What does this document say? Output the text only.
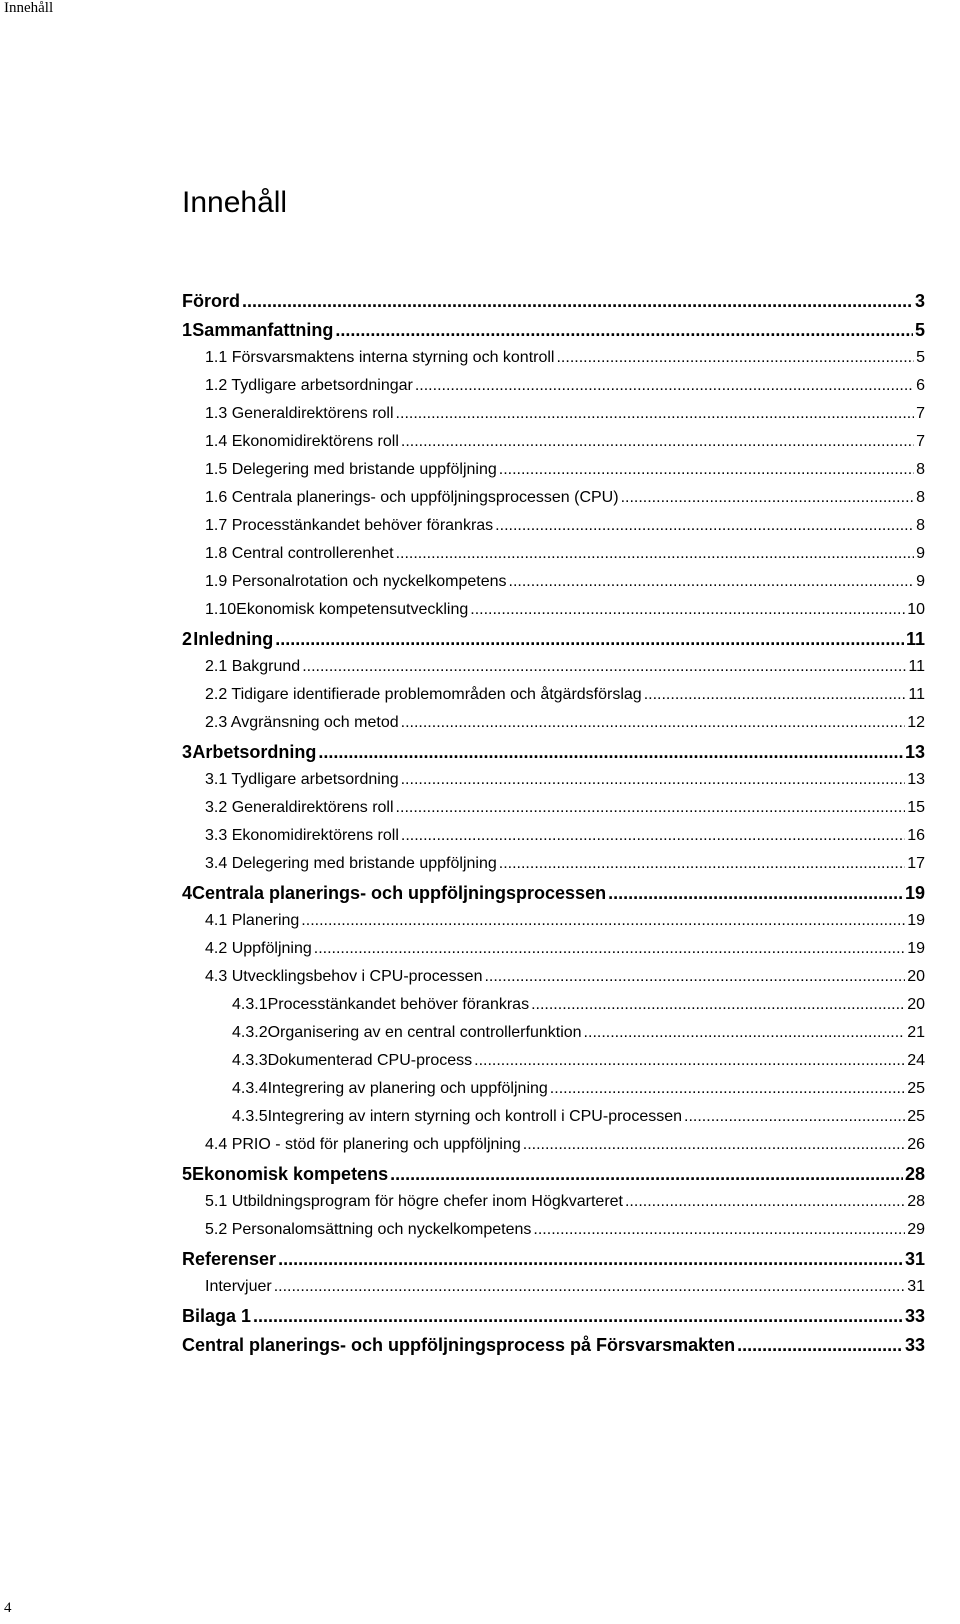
Innehåll
Innehåll
Förord .....	3
1 Sammanfattning .....	5
1.1 Försvarsmaktens interna styrning och kontroll .....	5
1.2 Tydligare arbetsordningar .....	6
1.3 Generaldirektörens roll .....	7
1.4 Ekonomidirektörens roll .....	7
1.5 Delegering med bristande uppföljning .....	8
1.6 Centrala planerings- och uppföljningsprocessen (CPU) .....	8
1.7 Processtänkandet behöver förankras .....	8
1.8 Central controllerenhet .....	9
1.9 Personalrotation och nyckelkompetens .....	9
1.10 Ekonomisk kompetensutveckling .....	10
2 Inledning .....	11
2.1 Bakgrund .....	11
2.2 Tidigare identifierade problemområden och åtgärdsförslag .....	11
2.3 Avgränsning och metod .....	12
3 Arbetsordning .....	13
3.1 Tydligare arbetsordning .....	13
3.2 Generaldirektörens roll .....	15
3.3 Ekonomidirektörens roll .....	16
3.4 Delegering med bristande uppföljning .....	17
4 Centrala planerings- och uppföljningsprocessen .....	19
4.1 Planering .....	19
4.2 Uppföljning .....	19
4.3 Utvecklingsbehov i CPU-processen .....	20
4.3.1 Processtänkandet behöver förankras .....	20
4.3.2 Organisering av en central controllerfunktion .....	21
4.3.3 Dokumenterad CPU-process .....	24
4.3.4 Integrering av planering och uppföljning .....	25
4.3.5 Integrering av intern styrning och kontroll i CPU-processen .....	25
4.4 PRIO - stöd för planering och uppföljning .....	26
5 Ekonomisk kompetens .....	28
5.1 Utbildningsprogram för högre chefer inom Högkvarteret .....	28
5.2 Personalomsättning och nyckelkompetens .....	29
Referenser .....	31
Intervjuer .....	31
Bilaga 1 .....	33
Central planerings- och uppföljningsprocess på Försvarsmakten .....	33
4
